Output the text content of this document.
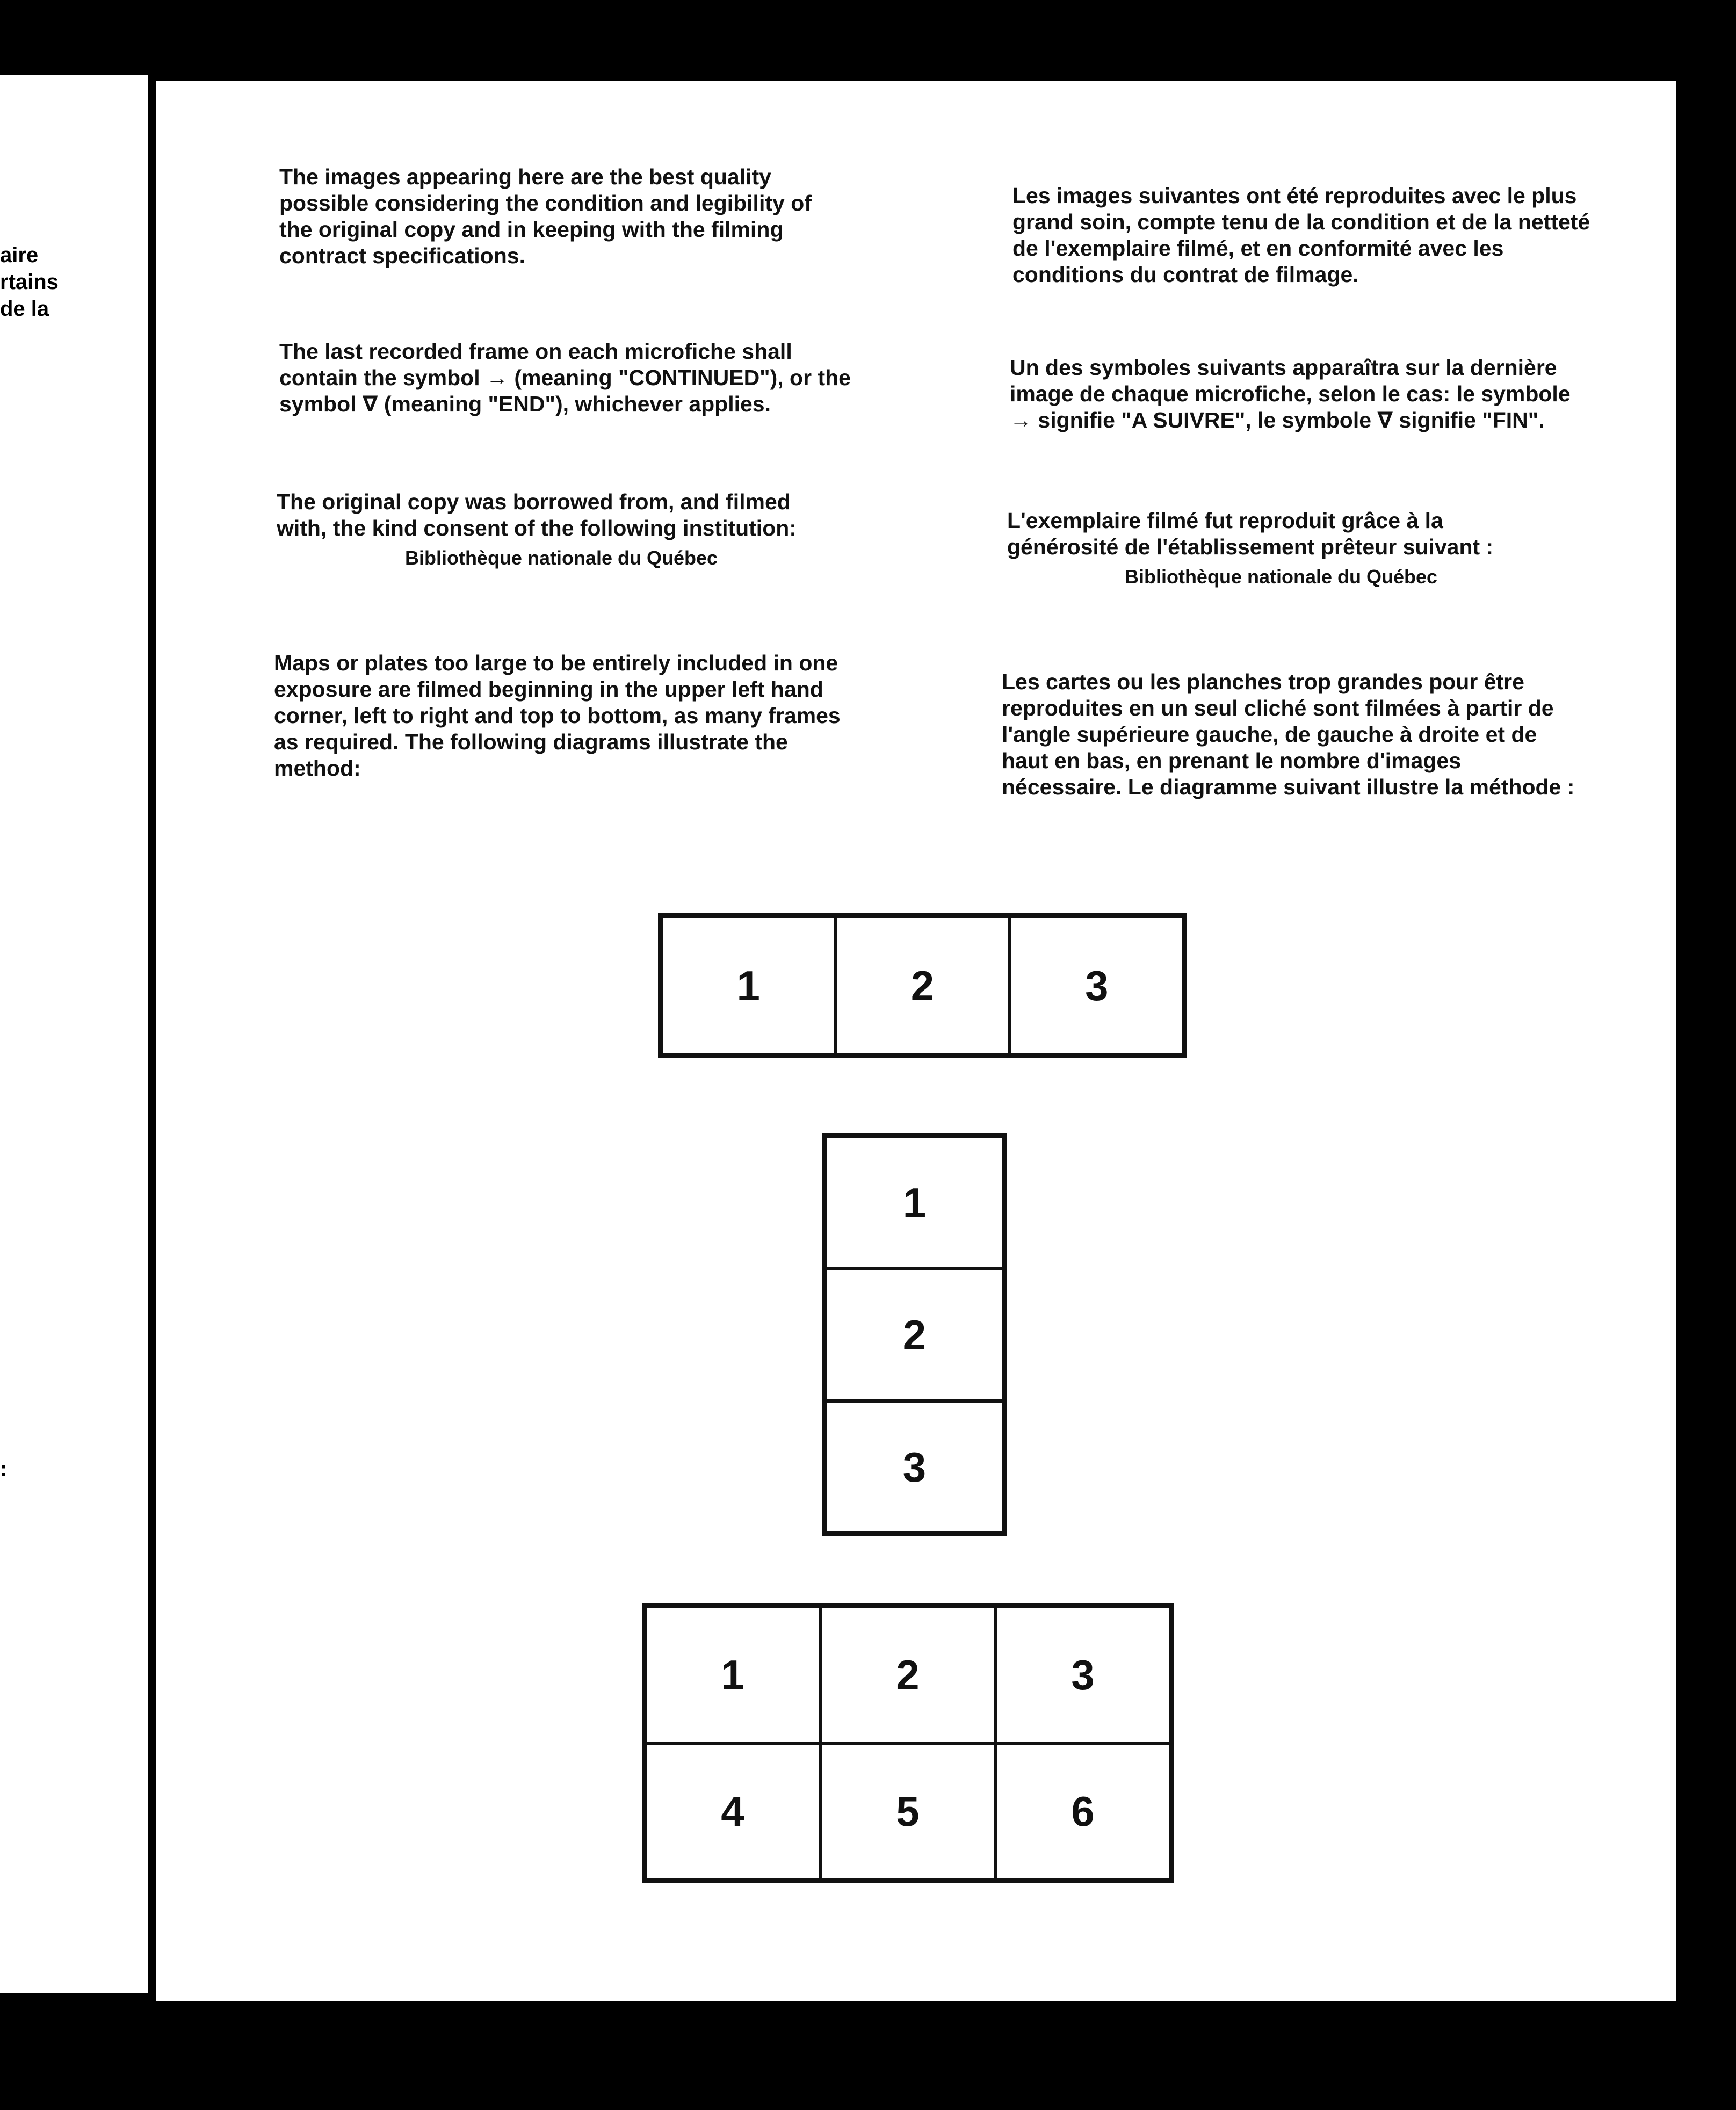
aire
rtains
de la
:

The images appearing here are the best quality possible considering the condition and legibility of the original copy and in keeping with the filming contract specifications.

The last recorded frame on each microfiche shall contain the symbol → (meaning "CONTINUED"), or the symbol ∇ (meaning "END"), whichever applies.

The original copy was borrowed from, and filmed with, the kind consent of the following institution:

Bibliothèque nationale du Québec

Maps or plates too large to be entirely included in one exposure are filmed beginning in the upper left hand corner, left to right and top to bottom, as many frames as required. The following diagrams illustrate the method:

Les images suivantes ont été reproduites avec le plus grand soin, compte tenu de la condition et de la netteté de l'exemplaire filmé, et en conformité avec les conditions du contrat de filmage.

Un des symboles suivants apparaîtra sur la dernière image de chaque microfiche, selon le cas: le symbole → signifie "A SUIVRE", le symbole ∇ signifie "FIN".

L'exemplaire filmé fut reproduit grâce à la générosité de l'établissement prêteur suivant :

Bibliothèque nationale du Québec

Les cartes ou les planches trop grandes pour être reproduites en un seul cliché sont filmées à partir de l'angle supérieure gauche, de gauche à droite et de haut en bas, en prenant le nombre d'images nécessaire. Le diagramme suivant illustre la méthode :

1	2	3
1
2
3
1	2	3
4	5	6
